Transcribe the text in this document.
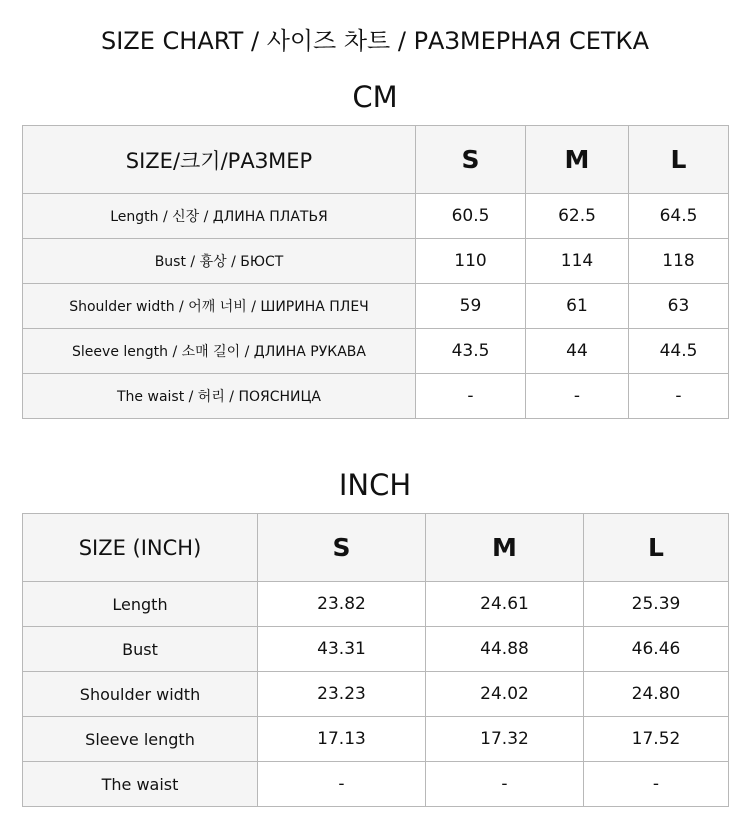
SIZE CHART / 사이즈 차트 / РАЗМЕРНАЯ СЕТКА
CM
SIZE/크기/РАЗМЕР	S	M	L
Length / 신장 / ДЛИНА ПЛАТЬЯ	60.5	62.5	64.5
Bust / 흉상 / БЮСТ	110	114	118
Shoulder width / 어깨 너비 / ШИРИНА ПЛЕЧ	59	61	63
Sleeve length / 소매 길이 / ДЛИНА РУКАВА	43.5	44	44.5
The waist / 허리 / ПОЯСНИЦА	-	-	-
INCH
SIZE (INCH)	S	M	L
Length	23.82	24.61	25.39
Bust	43.31	44.88	46.46
Shoulder width	23.23	24.02	24.80
Sleeve length	17.13	17.32	17.52
The waist	-	-	-
